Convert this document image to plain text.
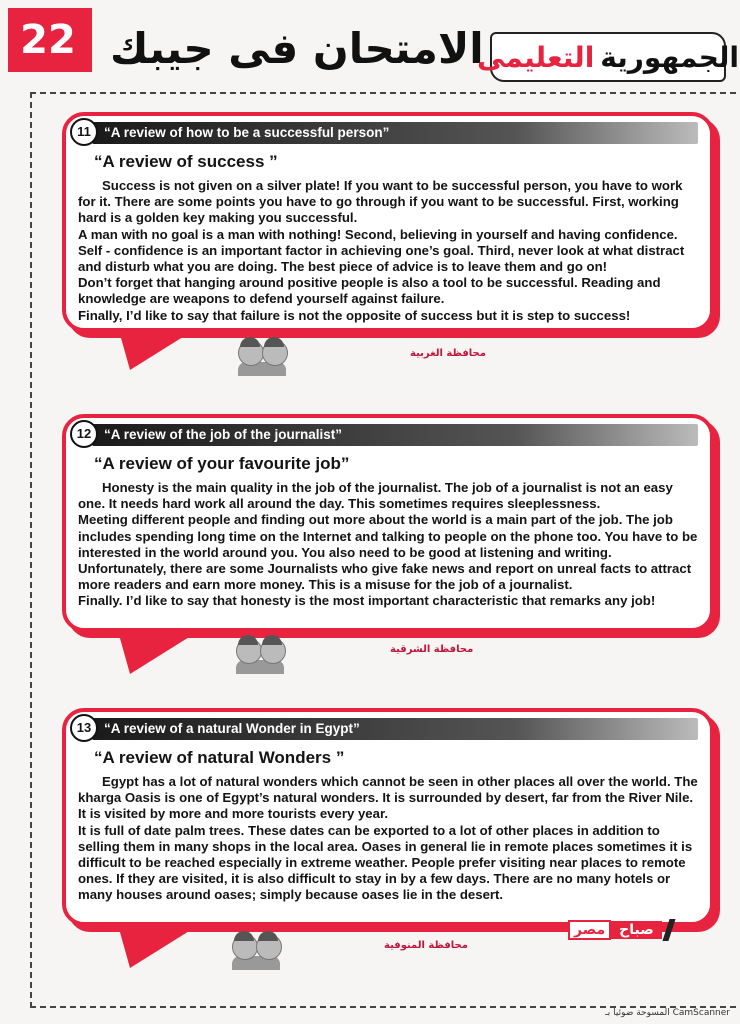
22 الامتحان فى جيبك	الجمهورية
التعليمى
11 “A review of how to be a successful person”
“A review of success ”

Success is not given on a silver plate! If you want to be successful person, you have to work for it. There are some points you have to go through if you want to be successful. First, working hard is a golden key making you successful.

A man with no goal is a man with nothing! Second, believing in yourself and having confidence. Self - confidence is an important factor in achieving one’s goal. Third, never look at what distract and disturb what you are doing. The best piece of advice is to leave them and go on!

Don’t forget that hanging around positive people is also a tool to be successful. Reading and knowledge are weapons to defend yourself against failure.

Finally, I’d like to say that failure is not the opposite of success but it is step to success!

محافظة الغربية
12 “A review of the job of the journalist”
“A review of your favourite job”

Honesty is the main quality in the job of the journalist. The job of a journalist is not an easy one. It needs hard work all around the day. This sometimes requires sleeplessness.

Meeting different people and finding out more about the world is a main part of the job. The job includes spending long time on the Internet and talking to people on the phone too. You have to be interested in the world around you. You also need to be good at listening and writing.

Unfortunately, there are some Journalists who give fake news and report on unreal facts to attract more readers and earn more money. This is a misuse for the job of a journalist.

Finally. I’d like to say that honesty is the most important characteristic that remarks any job!

محافظة الشرقية
13 “A review of a natural Wonder in Egypt”
“A review of natural Wonders ”

Egypt has a lot of natural wonders which cannot be seen in other places all over the world. The kharga Oasis is one of Egypt’s natural wonders. It is surrounded by desert, far from the River Nile. It is visited by more and more tourists every year.

It is full of date palm trees. These dates can be exported to a lot of other places in addition to selling them in many shops in the local area. Oases in general lie in remote places sometimes it is difficult to be reached especially in extreme weather. People prefer visiting near places to remote ones. If they are visited, it is also difficult to stay in by a few days. There are no many hotels or many houses around oases; simply because oases lie in the desert.

محافظة المنوفية
مصر	صباح
المسوحة ضوئيا بـ CamScanner
